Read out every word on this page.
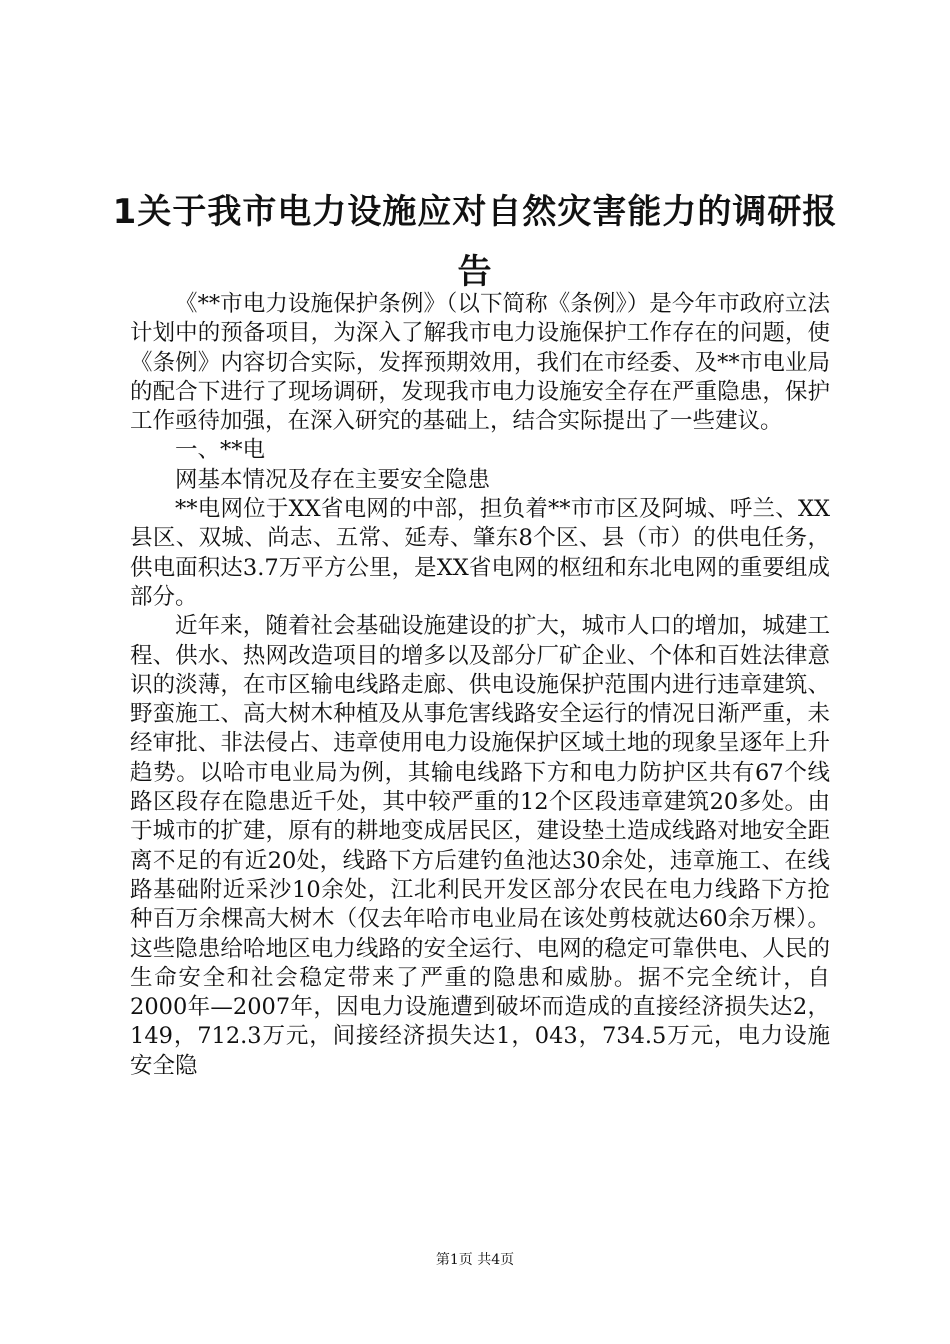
1关于我市电力设施应对自然灾害能力的调研报告

《**市电力设施保护条例》（以下简称《条例》）是今年市政府立法计划中的预备项目，为深入了解我市电力设施保护工作存在的问题，使《条例》内容切合实际，发挥预期效用，我们在市经委、及**市电业局的配合下进行了现场调研，发现我市电力设施安全存在严重隐患，保护工作亟待加强，在深入研究的基础上，结合实际提出了一些建议。

一、**电

网基本情况及存在主要安全隐患

**电网位于XX省电网的中部，担负着**市市区及阿城、呼兰、XX县区、双城、尚志、五常、延寿、肇东8个区、县（市）的供电任务，供电面积达3.7万平方公里，是XX省电网的枢纽和东北电网的重要组成部分。

近年来，随着社会基础设施建设的扩大，城市人口的增加，城建工程、供水、热网改造项目的增多以及部分厂矿企业、个体和百姓法律意识的淡薄，在市区输电线路走廊、供电设施保护范围内进行违章建筑、野蛮施工、高大树木种植及从事危害线路安全运行的情况日渐严重，未经审批、非法侵占、违章使用电力设施保护区域土地的现象呈逐年上升趋势。以哈市电业局为例，其输电线路下方和电力防护区共有67个线路区段存在隐患近千处，其中较严重的12个区段违章建筑20多处。由于城市的扩建，原有的耕地变成居民区，建设垫土造成线路对地安全距离不足的有近20处，线路下方后建钓鱼池达30余处，违章施工、在线路基础附近采沙10余处，江北利民开发区部分农民在电力线路下方抢种百万余棵高大树木（仅去年哈市电业局在该处剪枝就达60余万棵）。这些隐患给哈地区电力线路的安全运行、电网的稳定可靠供电、人民的生命安全和社会稳定带来了严重的隐患和威胁。据不完全统计，自2000年—2007年，因电力设施遭到破坏而造成的直接经济损失达2，149，712.3万元，间接经济损失达1，043，734.5万元，电力设施安全隐

第1页 共4页
